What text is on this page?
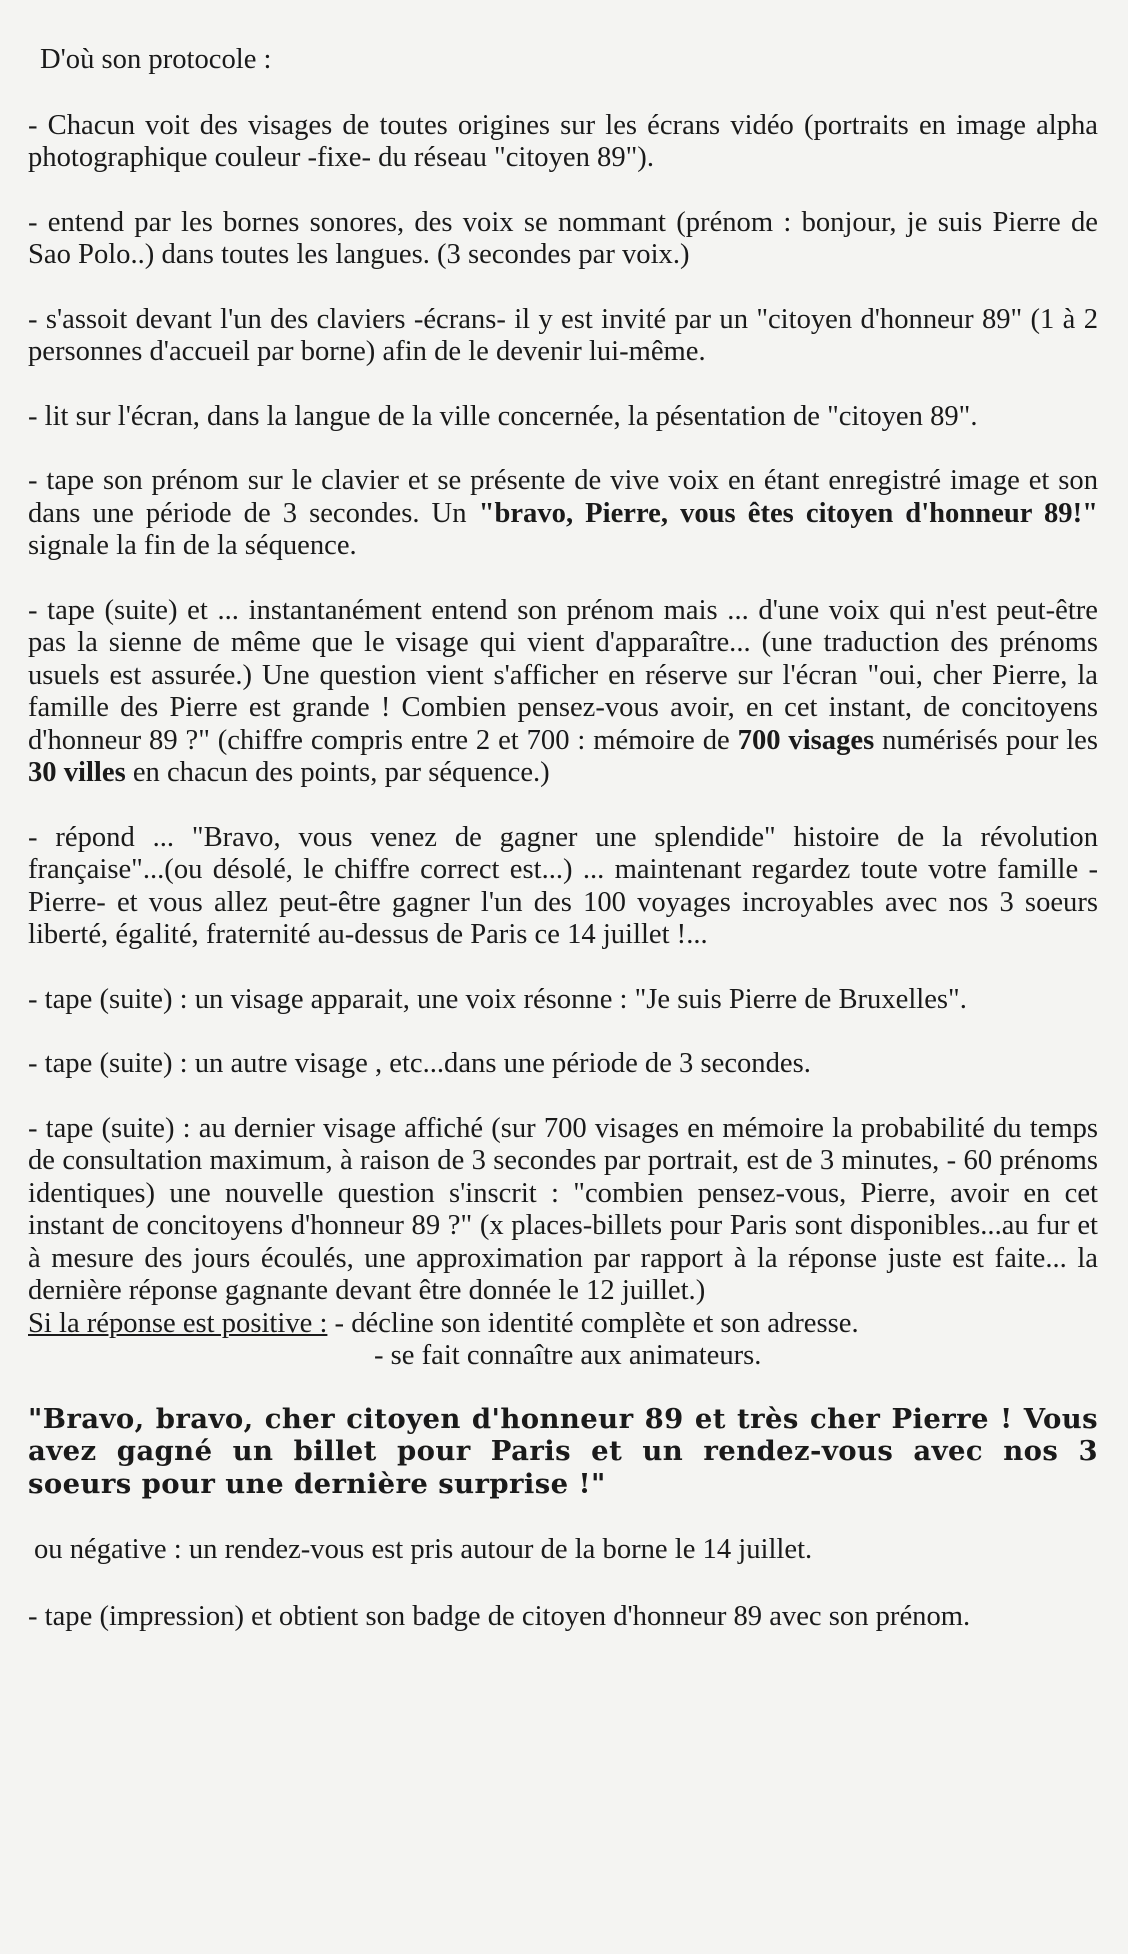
D'où son protocole :

- Chacun voit des visages de toutes origines sur les écrans vidéo (portraits en image alpha photographique couleur -fixe- du réseau "citoyen 89").

- entend par les bornes sonores, des voix se nommant (prénom : bonjour, je suis Pierre de Sao Polo..) dans toutes les langues. (3 secondes par voix.)

- s'assoit devant l'un des claviers -écrans- il y est invité par un "citoyen d'honneur 89" (1 à 2 personnes d'accueil par borne) afin de le devenir lui-même.

- lit sur l'écran, dans la langue de la ville concernée, la pésentation de "citoyen 89".

- tape son prénom sur le clavier et se présente de vive voix en étant enregistré image et son dans une période de 3 secondes. Un "bravo, Pierre, vous êtes citoyen d'honneur 89!" signale la fin de la séquence.

- tape (suite) et ... instantanément entend son prénom mais ... d'une voix qui n'est peut-être pas la sienne de même que le visage qui vient d'apparaître... (une traduction des prénoms usuels est assurée.) Une question vient s'afficher en réserve sur l'écran "oui, cher Pierre, la famille des Pierre est grande ! Combien pensez-vous avoir, en cet instant, de concitoyens d'honneur 89 ?" (chiffre compris entre 2 et 700 : mémoire de 700 visages numérisés pour les 30 villes en chacun des points, par séquence.)

- répond ... "Bravo, vous venez de gagner une splendide" histoire de la révolution française"...(ou désolé, le chiffre correct est...) ... maintenant regardez toute votre famille -Pierre- et vous allez peut-être gagner l'un des 100 voyages incroyables avec nos 3 soeurs liberté, égalité, fraternité au-dessus de Paris ce 14 juillet !...

- tape (suite) : un visage apparait, une voix résonne : "Je suis Pierre de Bruxelles".

- tape (suite) : un autre visage , etc...dans une période de 3 secondes.

- tape (suite) : au dernier visage affiché (sur 700 visages en mémoire la probabilité du temps de consultation maximum, à raison de 3 secondes par portrait, est de 3 minutes, - 60 prénoms identiques) une nouvelle question s'inscrit : "combien pensez-vous, Pierre, avoir en cet instant de concitoyens d'honneur 89 ?" (x places-billets pour Paris sont disponibles...au fur et à mesure des jours écoulés, une approximation par rapport à la réponse juste est faite... la dernière réponse gagnante devant être donnée le 12 juillet.)

Si la réponse est positive : - décline son identité complète et son adresse.
- se fait connaître aux animateurs.

"Bravo, bravo, cher citoyen d'honneur 89 et très cher Pierre ! Vous avez gagné un billet pour Paris et un rendez-vous avec nos 3 soeurs pour une dernière surprise !"

ou négative : un rendez-vous est pris autour de la borne le 14 juillet.

- tape (impression) et obtient son badge de citoyen d'honneur 89 avec son prénom.
